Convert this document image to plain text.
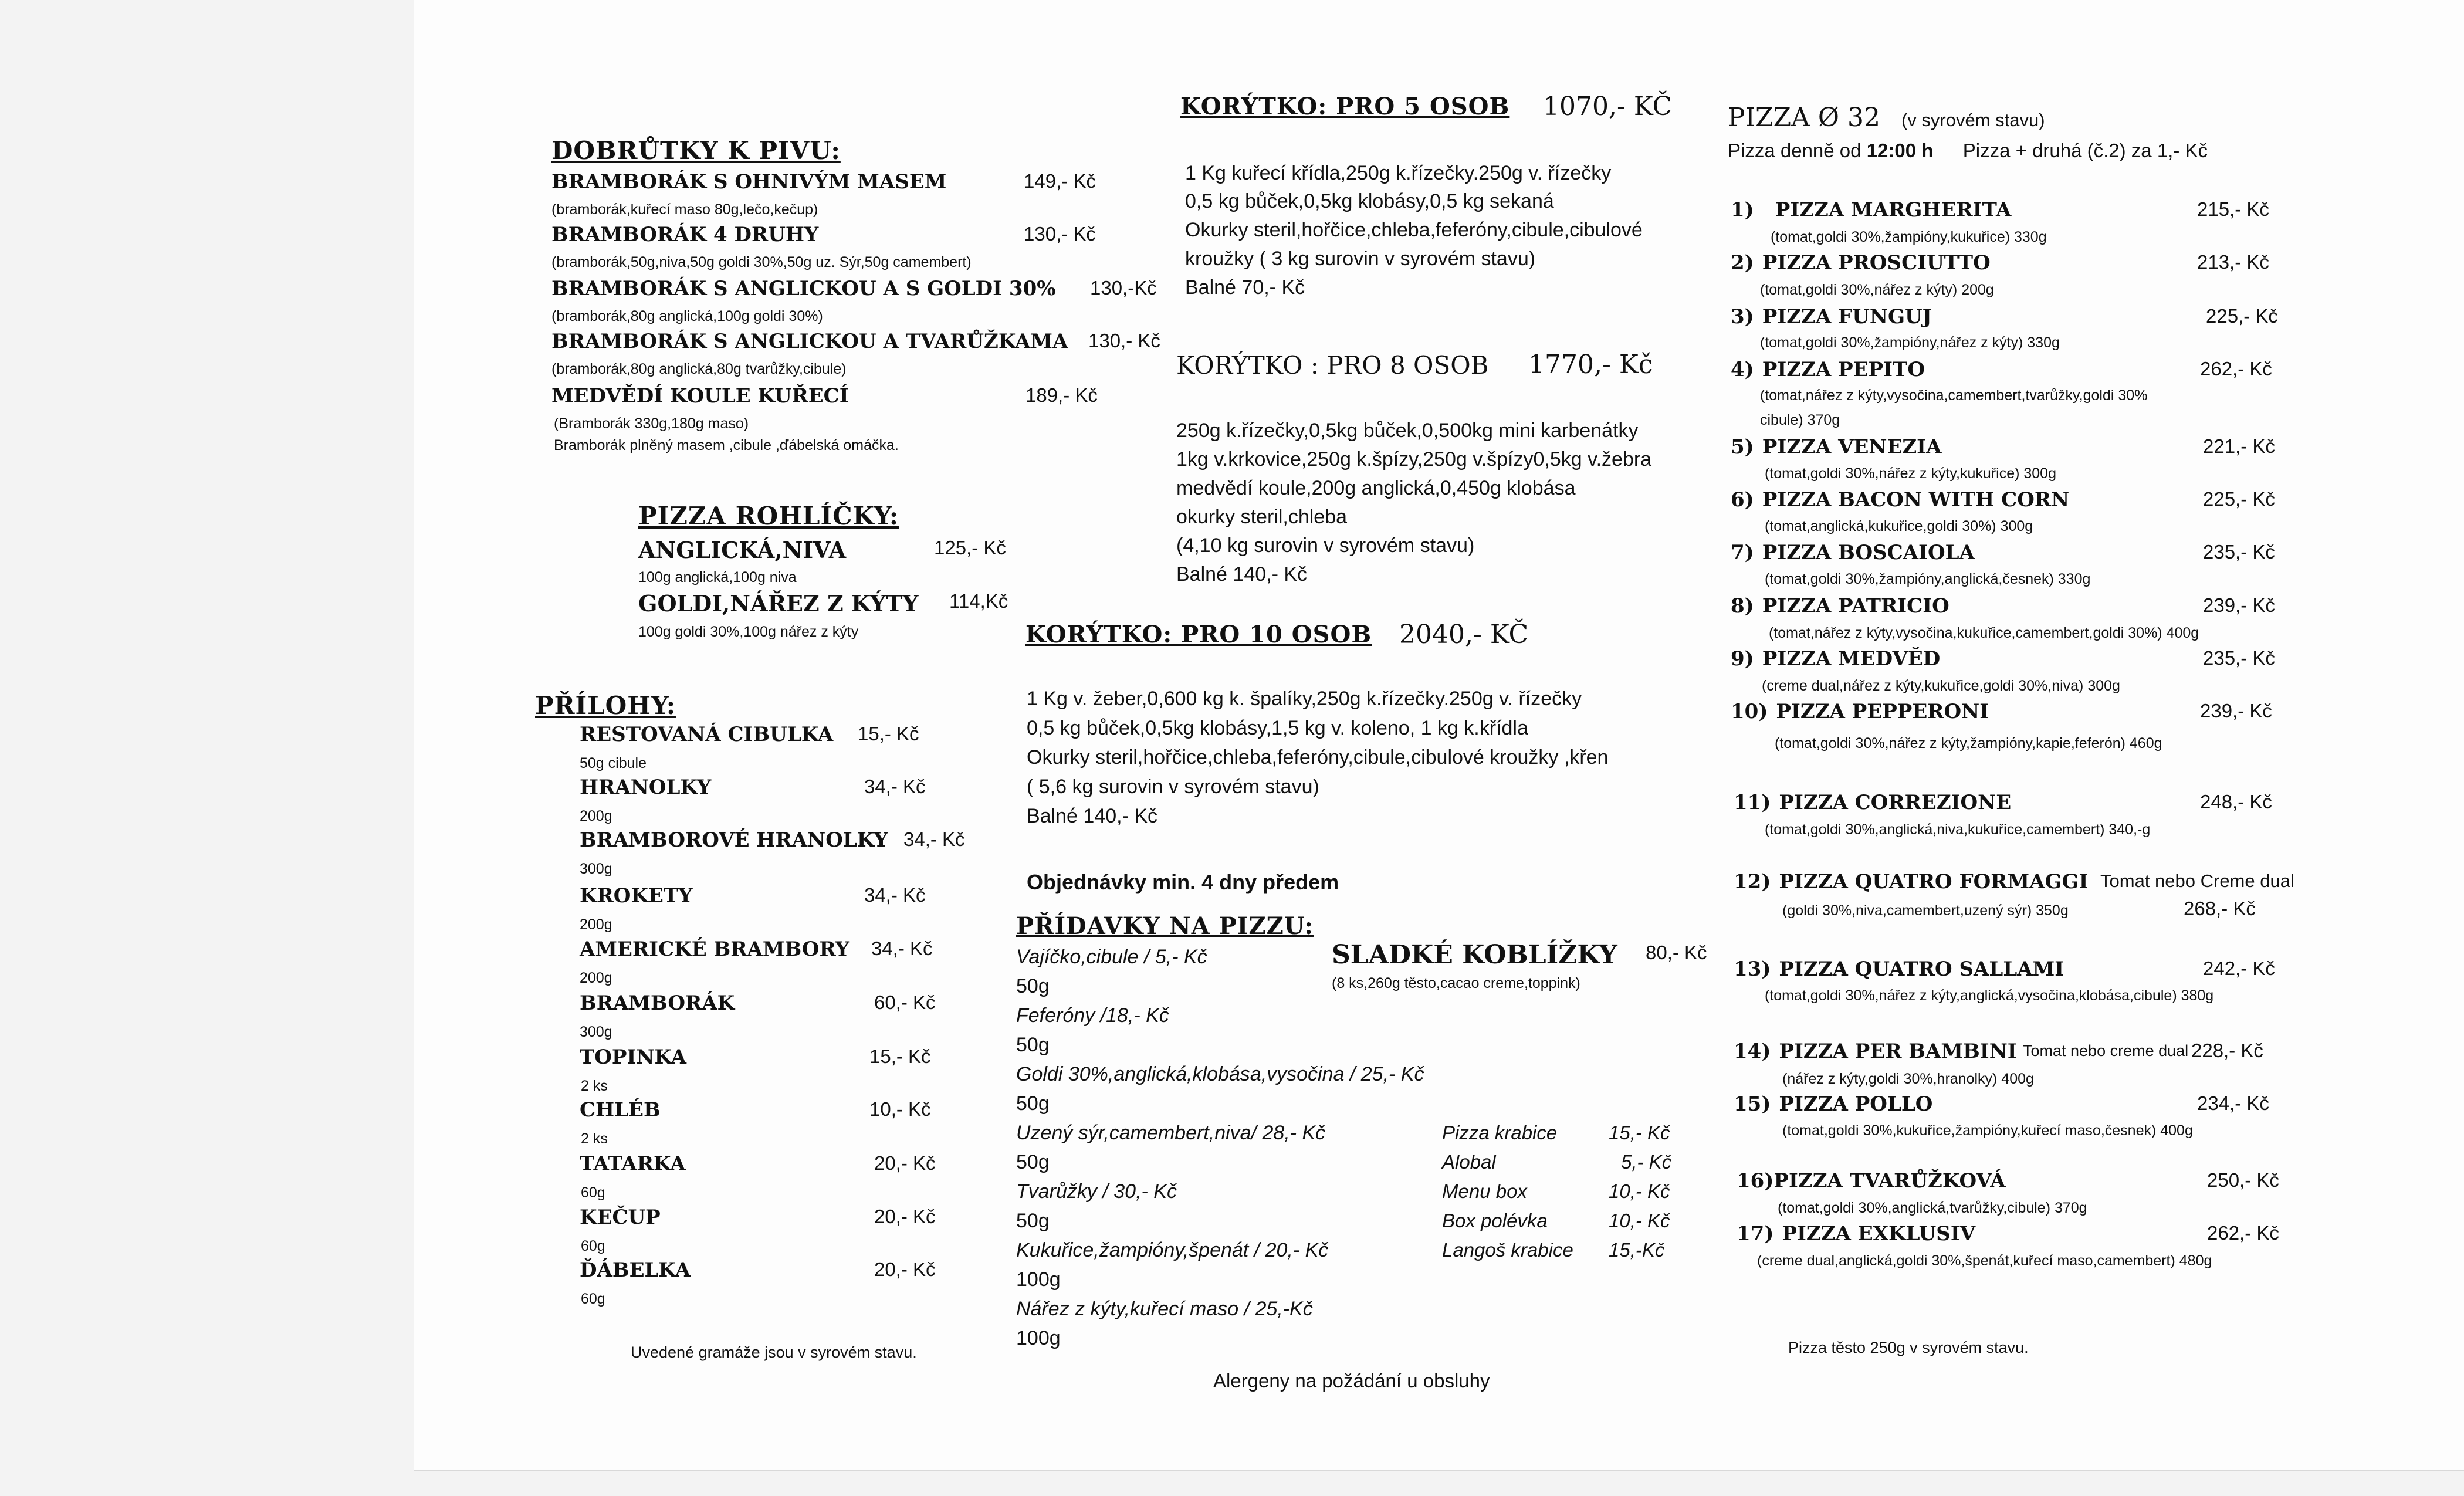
DOBRŮTKY K PIVU:
BRAMBORÁK S OHNIVÝM MASEM	149,- Kč
(bramborák,kuřecí maso 80g,lečo,kečup)
BRAMBORÁK 4 DRUHY	130,- Kč
(bramborák,50g,niva,50g goldi 30%,50g uz. Sýr,50g camembert)
BRAMBORÁK S ANGLICKOU A S GOLDI 30% 130,-Kč
(bramborák,80g anglická,100g goldi 30%)
BRAMBORÁK S ANGLICKOU A TVARŮŽKAMA 130,- Kč
(bramborák,80g anglická,80g tvarůžky,cibule)
MEDVĚDÍ KOULE KUŘECÍ	189,- Kč
(Bramborák 330g,180g maso)
Bramborák plněný masem ,cibule ,ďábelská omáčka.
PIZZA ROHLÍČKY:
ANGLICKÁ,NIVA	125,- Kč
100g anglická,100g niva
GOLDI,NÁŘEZ Z KÝTY 114,Kč
100g goldi 30%,100g nářez z kýty
PŘÍLOHY:
RESTOVANÁ CIBULKA 15,- Kč
50g cibule
HRANOLKY	34,- Kč
200g
BRAMBOROVÉ HRANOLKY 34,- Kč
300g
KROKETY	34,- Kč
200g
AMERICKÉ BRAMBORY 34,- Kč
200g
BRAMBORÁK	60,- Kč
300g
TOPINKA	15,- Kč
2 ks
CHLÉB	10,- Kč
2 ks
TATARKA	20,- Kč
60g
KEČUP	20,- Kč
60g
ĎÁBELKA	20,- Kč
60g
Uvedené gramáže jsou v syrovém stavu.
KORÝTKO: PRO 5 OSOB 1070,- KČ
1 Kg kuřecí křídla,250g k.řízečky.250g v. řízečky
0,5 kg bůček,0,5kg klobásy,0,5 kg sekaná
Okurky steril,hořčice,chleba,feferóny,cibule,cibulové
kroužky ( 3 kg surovin v syrovém stavu)
Balné 70,- Kč
KORÝTKO : PRO 8 OSOB 1770,- Kč
250g k.řízečky,0,5kg bůček,0,500kg mini karbenátky
1kg v.krkovice,250g k.špízy,250g v.špízy0,5kg v.žebra
medvědí koule,200g anglická,0,450g klobása
okurky steril,chleba
(4,10 kg surovin v syrovém stavu)
Balné 140,- Kč
KORÝTKO: PRO 10 OSOB 2040,- KČ
1 Kg v. žeber,0,600 kg k. špalíky,250g k.řízečky.250g v. řízečky
0,5 kg bůček,0,5kg klobásy,1,5 kg v. koleno, 1 kg k.křídla
Okurky steril,hořčice,chleba,feferóny,cibule,cibulové kroužky ,křen
( 5,6 kg surovin v syrovém stavu)
Balné 140,- Kč
Objednávky min. 4 dny předem
PŘÍDAVKY NA PIZZU:
Vajíčko,cibule / 5,- Kč
50g
Feferóny /18,- Kč
50g
Goldi 30%,anglická,klobása,vysočina / 25,- Kč
50g
Uzený sýr,camembert,niva/ 28,- Kč
50g
Tvarůžky / 30,- Kč
50g
Kukuřice,žampióny,špenát / 20,- Kč
100g
Nářez z kýty,kuřecí maso / 25,-Kč
100g
SLADKÉ KOBLÍŽKY 80,- Kč
(8 ks,260g těsto,cacao creme,toppink)
Pizza krabice	15,- Kč
Alobal	5,- Kč
Menu box	10,- Kč
Box polévka	10,- Kč
Langoš krabice 15,-Kč
Alergeny na požádání u obsluhy
PIZZA Ø 32 (v syrovém stavu)
Pizza denně od 12:00 h Pizza + druhá (č.2) za 1,- Kč
1) PIZZA MARGHERITA	215,- Kč
(tomat,goldi 30%,žampióny,kukuřice) 330g
2) PIZZA PROSCIUTTO	213,- Kč
(tomat,goldi 30%,nářez z kýty) 200g
3) PIZZA FUNGUJ	225,- Kč
(tomat,goldi 30%,žampióny,nářez z kýty) 330g
4) PIZZA PEPITO	262,- Kč
(tomat,nářez z kýty,vysočina,camembert,tvarůžky,goldi 30%
cibule) 370g
5) PIZZA VENEZIA	221,- Kč
(tomat,goldi 30%,nářez z kýty,kukuřice) 300g
6) PIZZA BACON WITH CORN	225,- Kč
(tomat,anglická,kukuřice,goldi 30%) 300g
7) PIZZA BOSCAIOLA	235,- Kč
(tomat,goldi 30%,žampióny,anglická,česnek) 330g
8) PIZZA PATRICIO	239,- Kč
(tomat,nářez z kýty,vysočina,kukuřice,camembert,goldi 30%) 400g
9) PIZZA MEDVĚD	235,- Kč
(creme dual,nářez z kýty,kukuřice,goldi 30%,niva) 300g
10) PIZZA PEPPERONI	239,- Kč
(tomat,goldi 30%,nářez z kýty,žampióny,kapie,feferón) 460g
11) PIZZA CORREZIONE	248,- Kč
(tomat,goldi 30%,anglická,niva,kukuřice,camembert) 340,-g
12) PIZZA QUATRO FORMAGGI Tomat nebo Creme dual
(goldi 30%,niva,camembert,uzený sýr) 350g	268,- Kč
13) PIZZA QUATRO SALLAMI	242,- Kč
(tomat,goldi 30%,nářez z kýty,anglická,vysočina,klobása,cibule) 380g
14) PIZZA PER BAMBINI Tomat nebo creme dual 228,- Kč
(nářez z kýty,goldi 30%,hranolky) 400g
15) PIZZA POLLO	234,- Kč
(tomat,goldi 30%,kukuřice,žampióny,kuřecí maso,česnek) 400g
16)PIZZA TVARŮŽKOVÁ	250,- Kč
(tomat,goldi 30%,anglická,tvarůžky,cibule) 370g
17) PIZZA EXKLUSIV	262,- Kč
(creme dual,anglická,goldi 30%,špenát,kuřecí maso,camembert) 480g
Pizza těsto 250g v syrovém stavu.
